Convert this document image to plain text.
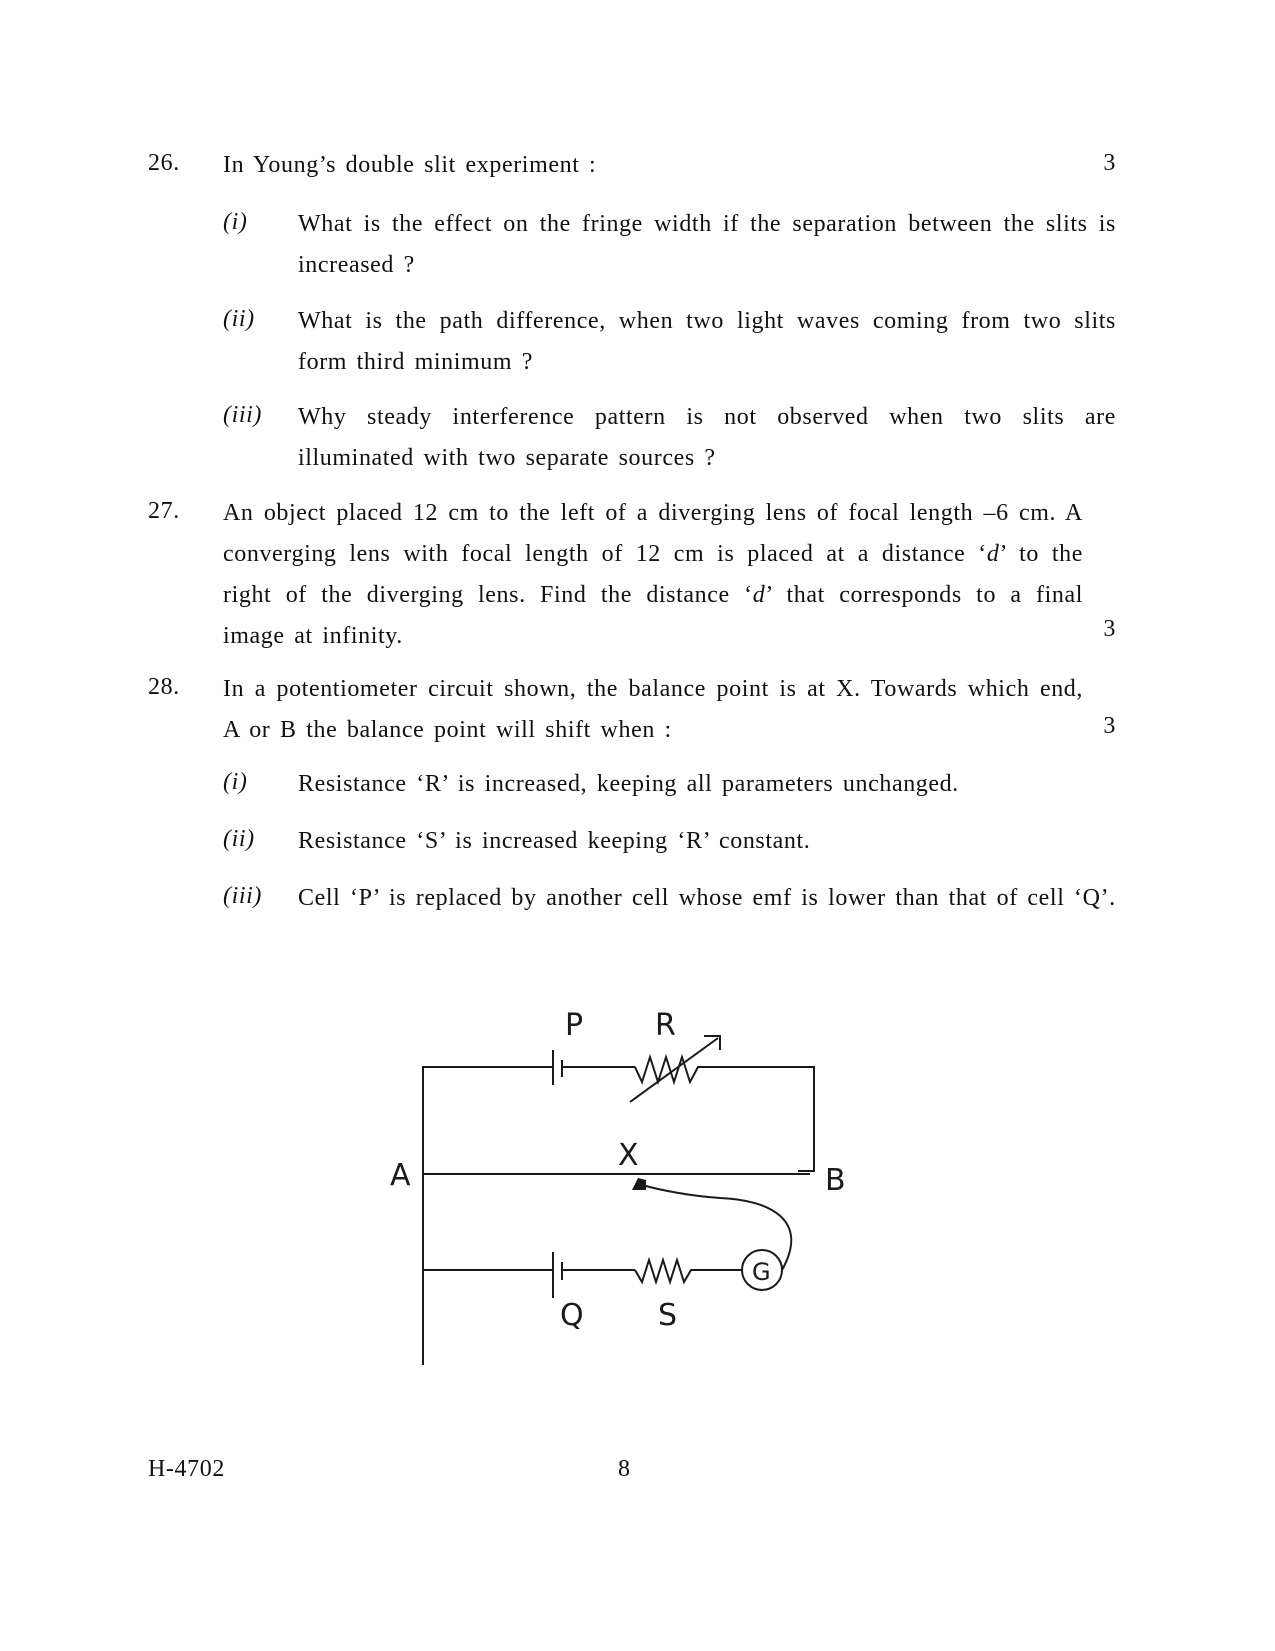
26.	In Young’s double slit experiment :	3
(i)	What is the effect on the fringe width if the separation between the slits is increased ?
(ii)	What is the path difference, when two light waves coming from two slits form third minimum ?
(iii)	Why steady interference pattern is not observed when two slits are illuminated with two separate sources ?
27.	An object placed 12 cm to the left of a diverging lens of focal length –6 cm. A converging lens with focal length of 12 cm is placed at a distance ‘d’ to the right of the diverging lens. Find the distance ‘d’ that corresponds to a final image at infinity.	3
28.	In a potentiometer circuit shown, the balance point is at X. Towards which end, A or B the balance point will shift when :	3
(i)	Resistance ‘R’ is increased, keeping all parameters unchanged.
(ii)	Resistance ‘S’ is increased keeping ‘R’ constant.
(iii)	Cell ‘P’ is replaced by another cell whose emf is lower than that of cell ‘Q’.
P R
A	B
X
G
Q S
H-4702	8
